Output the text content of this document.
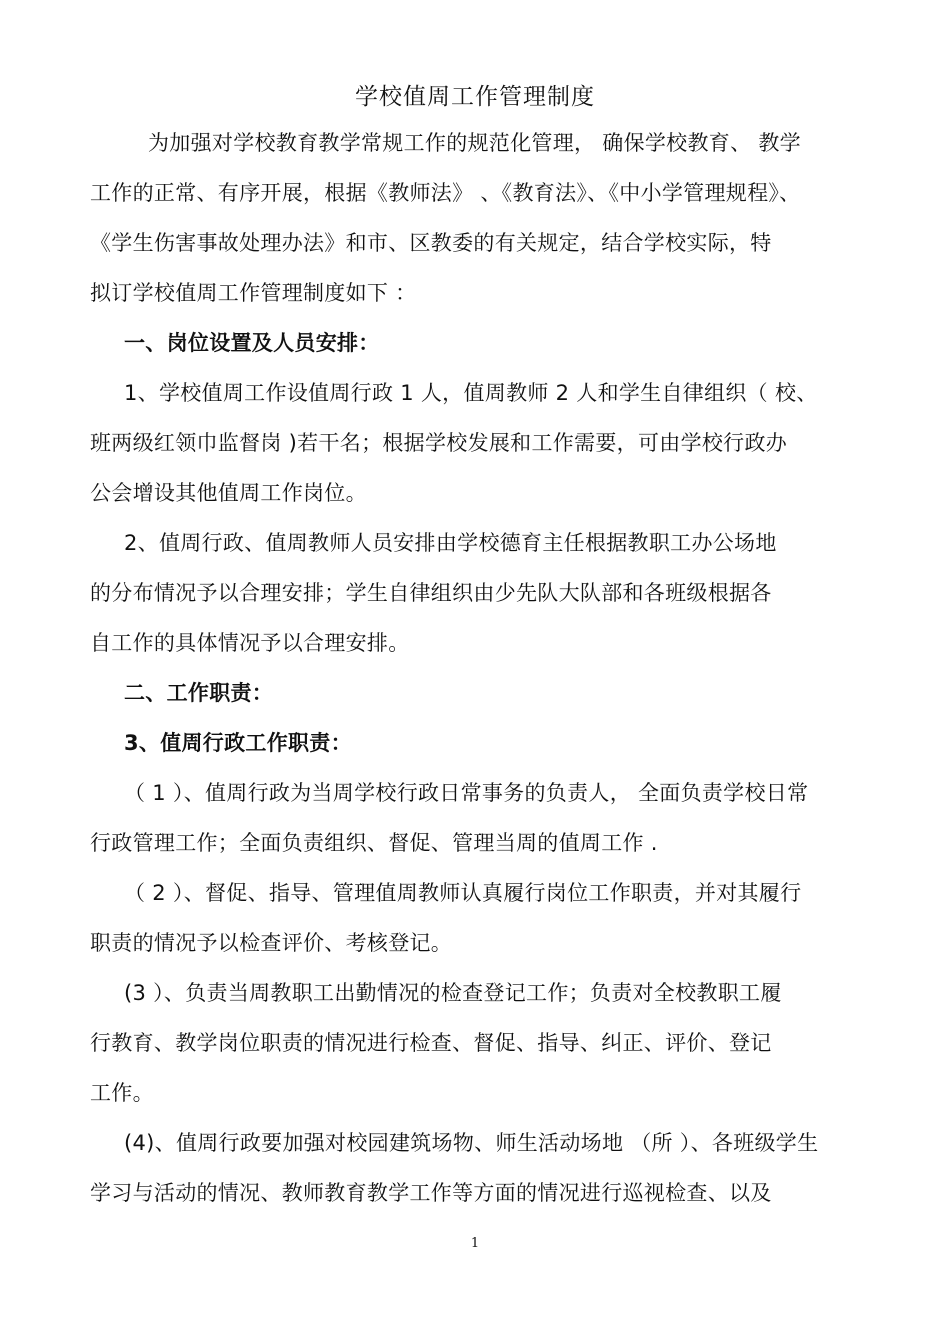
学校值周工作管理制度
为加强对学校教育教学常规工作的规范化管理， 确保学校教育、 教学
工作的正常、有序开展，根据《教师法》 、《教育法》、《中小学管理规程》、
《学生伤害事故处理办法》和市、区教委的有关规定，结合学校实际，特
拟订学校值周工作管理制度如下 ：
一、岗位设置及人员安排：
1、学校值周工作设值周行政 1 人，值周教师 2 人和学生自律组织（ 校、
班两级红领巾监督岗 )若干名；根据学校发展和工作需要，可由学校行政办
公会增设其他值周工作岗位。
2、值周行政、值周教师人员安排由学校德育主任根据教职工办公场地
的分布情况予以合理安排；学生自律组织由少先队大队部和各班级根据各
自工作的具体情况予以合理安排。
二、工作职责：
3、值周行政工作职责：
（ 1 ）、值周行政为当周学校行政日常事务的负责人， 全面负责学校日常
行政管理工作；全面负责组织、督促、管理当周的值周工作 .
（ 2 ）、督促、指导、管理值周教师认真履行岗位工作职责，并对其履行
职责的情况予以检查评价、考核登记。
(3 ）、负责当周教职工出勤情况的检查登记工作；负责对全校教职工履
行教育、教学岗位职责的情况进行检查、督促、指导、纠正、评价、登记
工作。
(4)、值周行政要加强对校园建筑场物、师生活动场地 （所 ）、各班级学生
学习与活动的情况、教师教育教学工作等方面的情况进行巡视检查、以及
1
